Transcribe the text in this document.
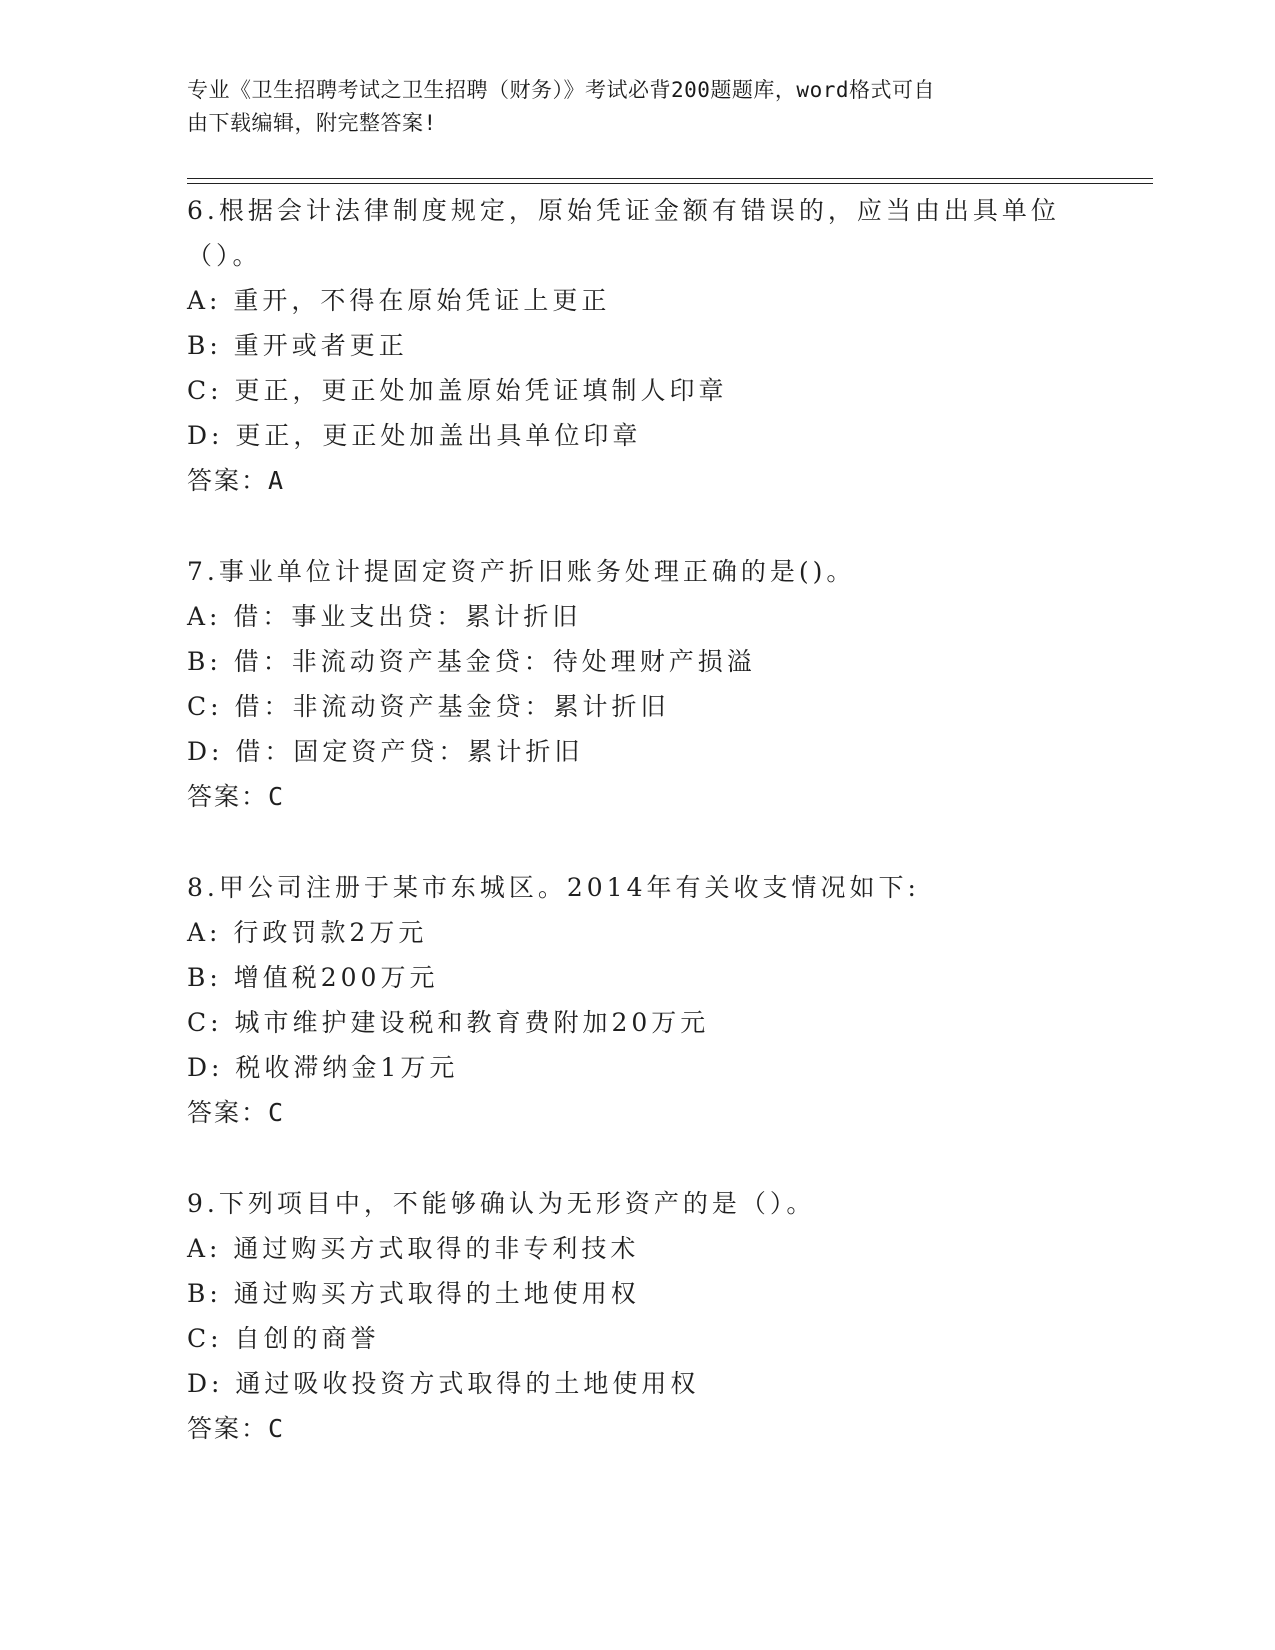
专业《卫生招聘考试之卫生招聘（财务）》考试必背200题题库，word格式可自
由下载编辑，附完整答案!

6.根据会计法律制度规定，原始凭证金额有错误的，应当由出具单位

（）。

A: 重开，不得在原始凭证上更正

B: 重开或者更正

C: 更正，更正处加盖原始凭证填制人印章

D: 更正，更正处加盖出具单位印章

答案：A

7.事业单位计提固定资产折旧账务处理正确的是()。

A: 借：事业支出贷：累计折旧

B: 借：非流动资产基金贷：待处理财产损溢

C: 借：非流动资产基金贷：累计折旧

D: 借：固定资产贷：累计折旧

答案：C

8.甲公司注册于某市东城区。2014年有关收支情况如下:

A: 行政罚款2万元

B: 增值税200万元

C: 城市维护建设税和教育费附加20万元

D: 税收滞纳金1万元

答案：C

9.下列项目中，不能够确认为无形资产的是（）。

A: 通过购买方式取得的非专利技术

B: 通过购买方式取得的土地使用权

C: 自创的商誉

D: 通过吸收投资方式取得的土地使用权

答案：C
